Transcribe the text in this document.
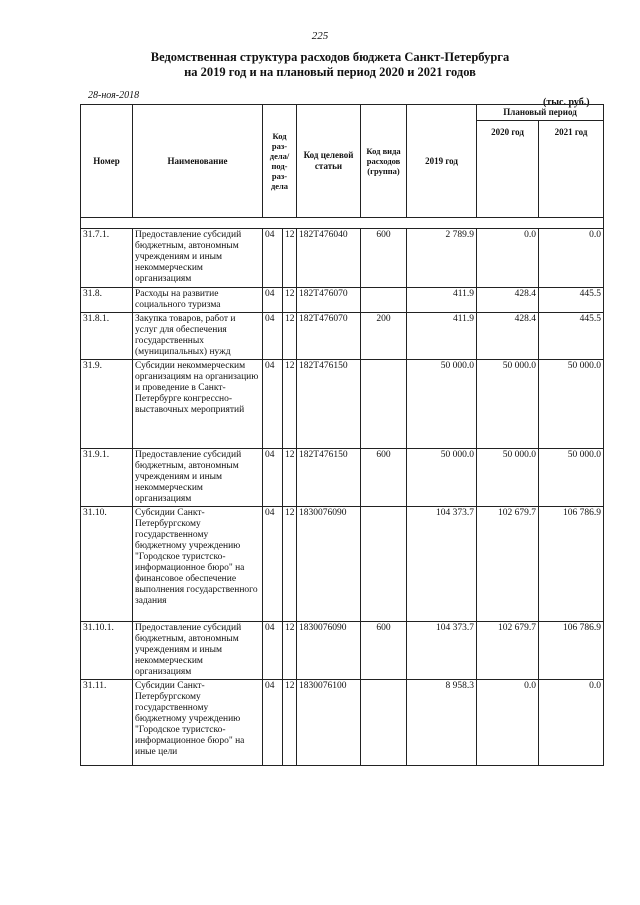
225
Ведомственная структура расходов бюджета Санкт-Петербурга
на 2019 год и на плановый период 2020 и 2021 годов
28-ноя-2018
(тыс. руб.)
Номер	Наименование	Код раз- дела/ под- раз- дела		Код целевой статьи	Код вида расходов (группа)	2019 год	Плановый период	
							2020 год	2021 год

31.7.1.	Предоставление субсидий бюджетным, автономным учреждениям и иным некоммерческим организациям	04	12	182Т476040	600	2 789.9	0.0	0.0
31.8.	Расходы на развитие социального туризма	04	12	182Т476070		411.9	428.4	445.5
31.8.1.	Закупка товаров, работ и услуг для обеспечения государственных (муниципальных) нужд	04	12	182Т476070	200	411.9	428.4	445.5
31.9.	Субсидии некоммерческим организациям на организацию и проведение в Санкт-Петербурге конгрессно-выставочных мероприятий	04	12	182Т476150		50 000.0	50 000.0	50 000.0
31.9.1.	Предоставление субсидий бюджетным, автономным учреждениям и иным некоммерческим организациям	04	12	182Т476150	600	50 000.0	50 000.0	50 000.0
31.10.	Субсидии Санкт-Петербургскому государственному бюджетному учреждению "Городское туристско-информационное бюро" на финансовое обеспечение выполнения государственного задания	04	12	1830076090		104 373.7	102 679.7	106 786.9
31.10.1.	Предоставление субсидий бюджетным, автономным учреждениям и иным некоммерческим организациям	04	12	1830076090	600	104 373.7	102 679.7	106 786.9
31.11.	Субсидии Санкт-Петербургскому государственному бюджетному учреждению "Городское туристско-информационное бюро" на иные цели	04	12	1830076100		8 958.3	0.0	0.0
